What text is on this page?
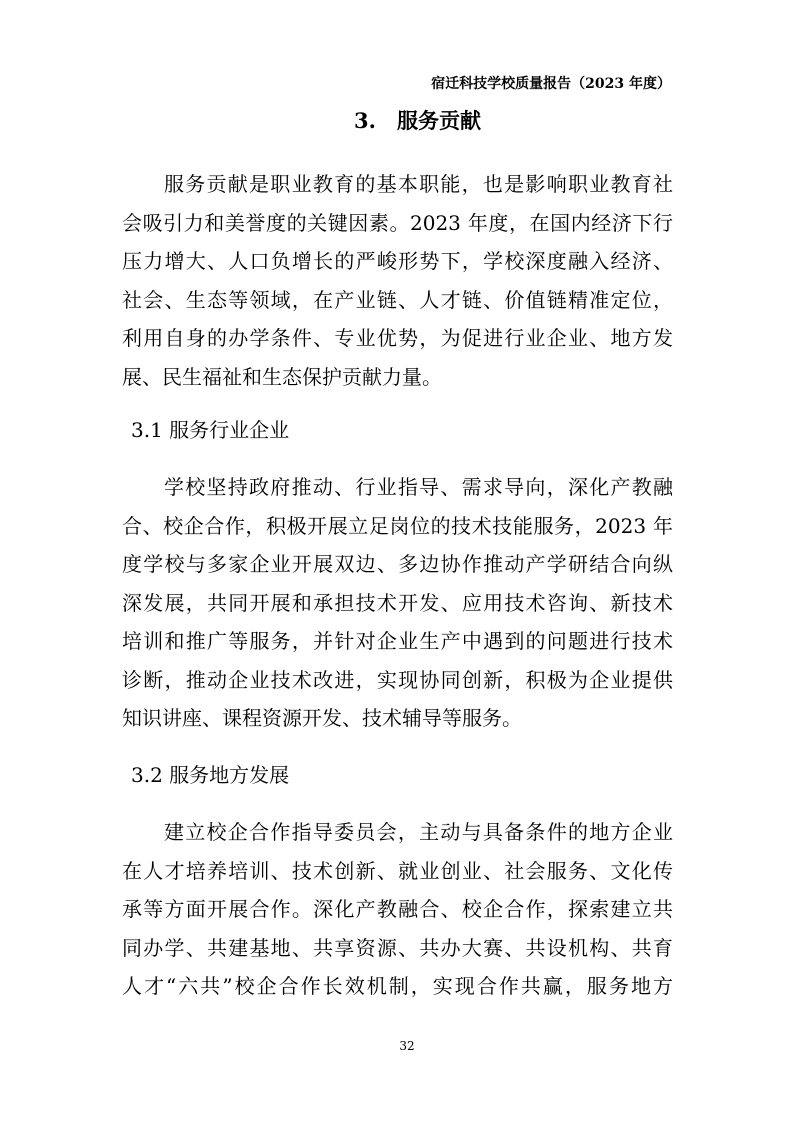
宿迁科技学校质量报告（2023 年度）
3.　服务贡献
服务贡献是职业教育的基本职能，也是影响职业教育社
会吸引力和美誉度的关键因素。2023 年度，在国内经济下行
压力增大、人口负增长的严峻形势下，学校深度融入经济、
社会、生态等领域，在产业链、人才链、价值链精准定位，
利用自身的办学条件、专业优势，为促进行业企业、地方发
展、民生福祉和生态保护贡献力量。
3.1 服务行业企业
学校坚持政府推动、行业指导、需求导向，深化产教融
合、校企合作，积极开展立足岗位的技术技能服务，2023 年
度学校与多家企业开展双边、多边协作推动产学研结合向纵
深发展，共同开展和承担技术开发、应用技术咨询、新技术
培训和推广等服务，并针对企业生产中遇到的问题进行技术
诊断，推动企业技术改进，实现协同创新，积极为企业提供
知识讲座、课程资源开发、技术辅导等服务。
3.2 服务地方发展
建立校企合作指导委员会，主动与具备条件的地方企业
在人才培养培训、技术创新、就业创业、社会服务、文化传
承等方面开展合作。深化产教融合、校企合作，探索建立共
同办学、共建基地、共享资源、共办大赛、共设机构、共育
人才“六共”校企合作长效机制，实现合作共赢，服务地方
32
